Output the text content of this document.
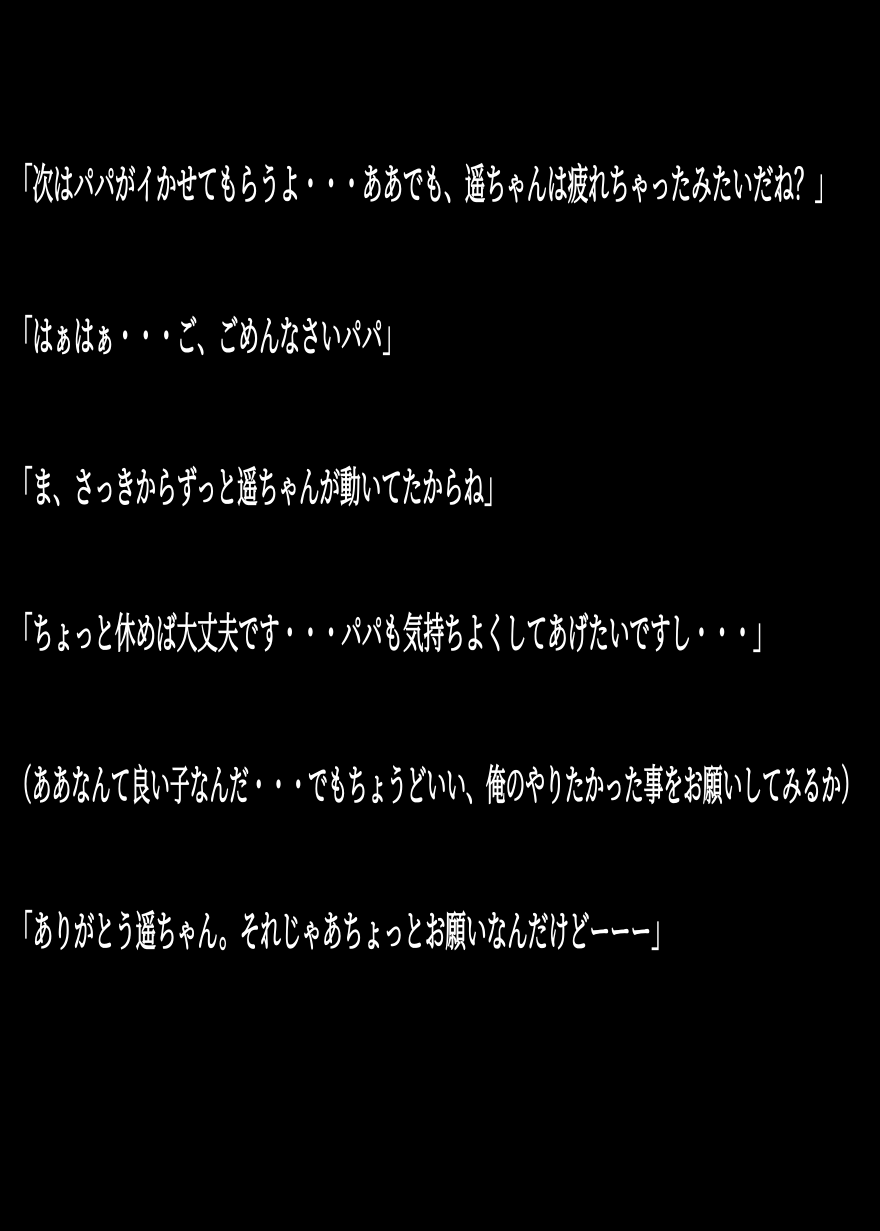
「次はパパがイかせてもらうよ・・・ああでも、遥ちゃんは疲れちゃったみたいだね？」
「はぁはぁ・・・ご、ごめんなさいパパ」
「ま、さっきからずっと遥ちゃんが動いてたからね」
「ちょっと休めば大丈夫です・・・パパも気持ちよくしてあげたいですし・・・」
（ああなんて良い子なんだ・・・でもちょうどいい、俺のやりたかった事をお願いしてみるか）
「ありがとう遥ちゃん。それじゃあちょっとお願いなんだけどーーー」
